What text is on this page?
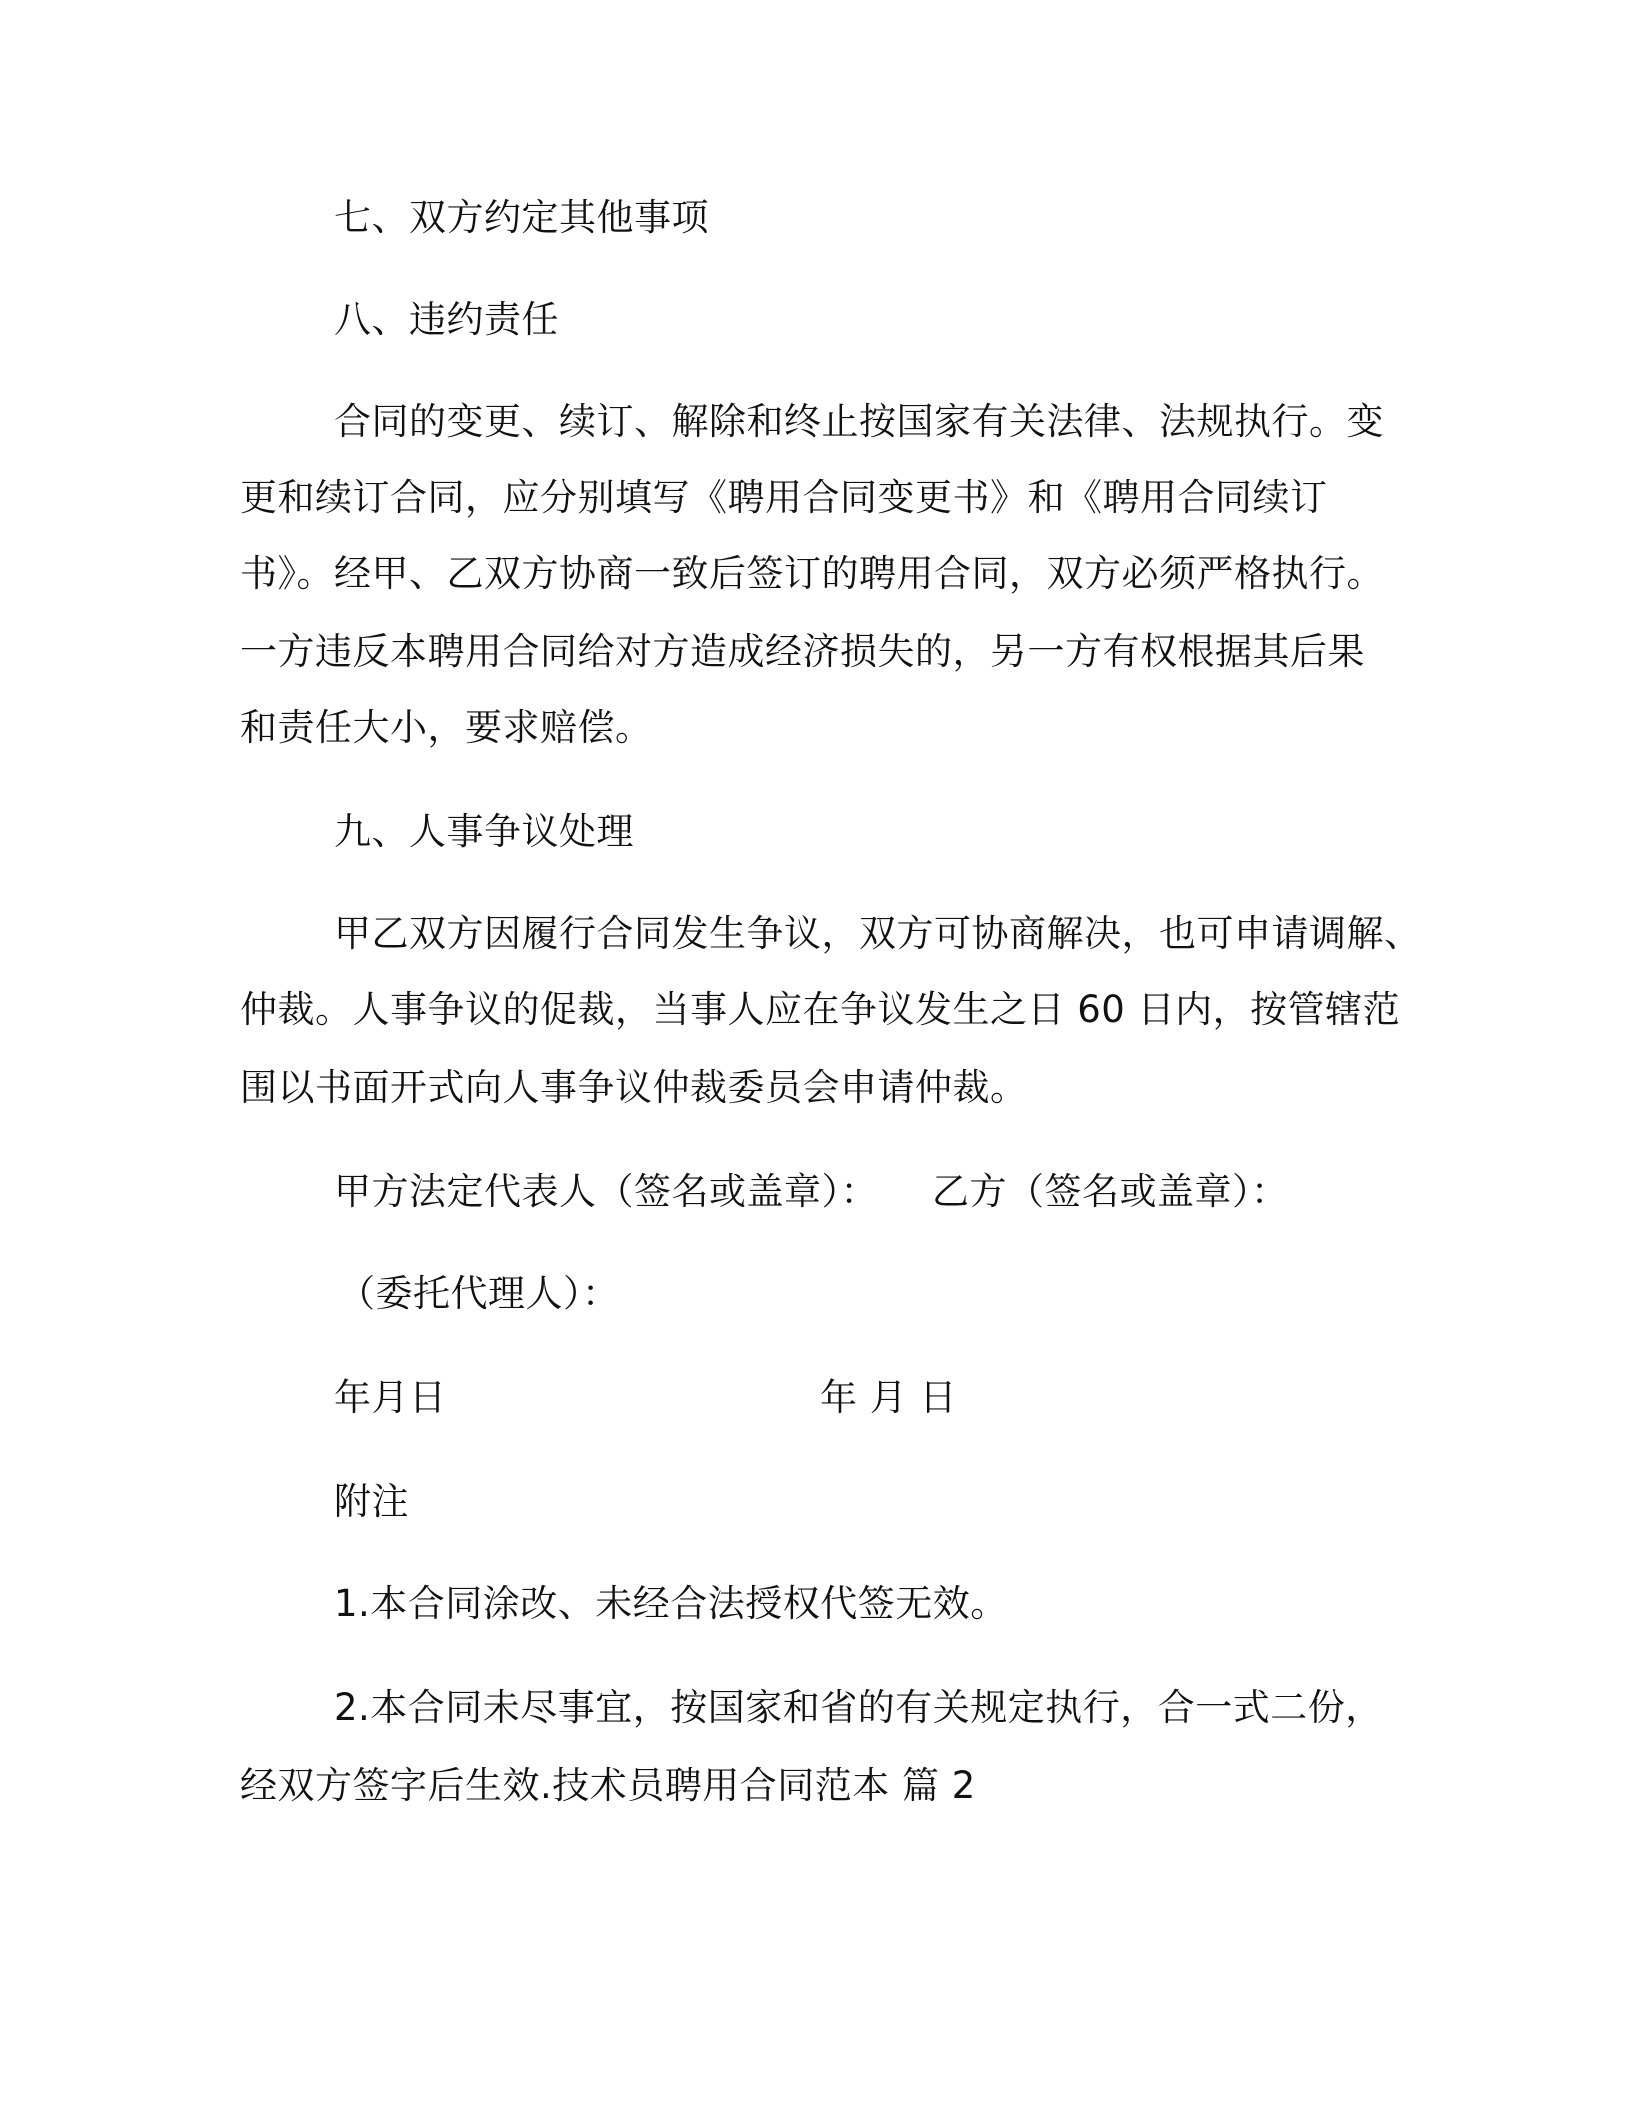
七、双方约定其他事项
八、违约责任
合同的变更、续订、解除和终止按国家有关法律、法规执行。变
更和续订合同，应分别填写《聘用合同变更书》和《聘用合同续订
书》。经甲、乙双方协商一致后签订的聘用合同，双方必须严格执行。
一方违反本聘用合同给对方造成经济损失的，另一方有权根据其后果
和责任大小，要求赔偿。
九、人事争议处理
甲乙双方因履行合同发生争议，双方可协商解决，也可申请调解、
仲裁。人事争议的促裁，当事人应在争议发生之日 60 日内，按管辖范
围以书面开式向人事争议仲裁委员会申请仲裁。
甲方法定代表人（签名或盖章）： 乙方（签名或盖章）：
（委托代理人）：
年月日	年 月 日
附注
1.本合同涂改、未经合法授权代签无效。
2.本合同未尽事宜，按国家和省的有关规定执行，合一式二份，
经双方签字后生效.技术员聘用合同范本 篇 2
